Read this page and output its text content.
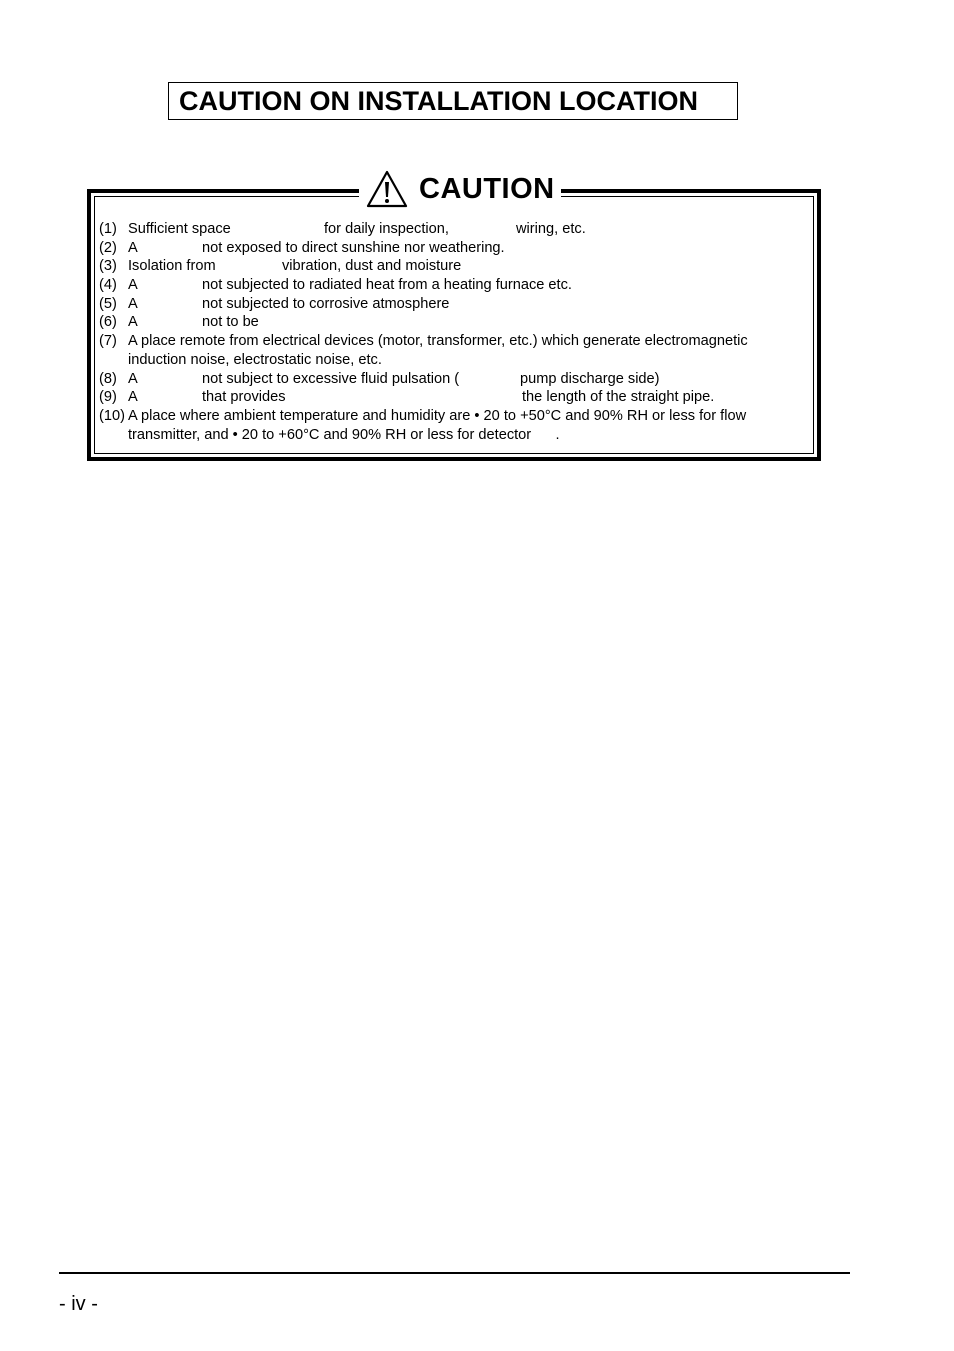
CAUTION ON INSTALLATION LOCATION
CAUTION
(1) Sufficient space	for daily inspection,	wiring, etc.
(2) A	not exposed to direct sunshine nor weathering.
(3) Isolation from	vibration, dust and moisture
(4) A	not subjected to radiated heat from a heating furnace etc.
(5) A	not subjected to corrosive atmosphere
(6) A	not to be
(7) A place remote from electrical devices (motor, transformer, etc.) which generate electromagnetic
induction noise, electrostatic noise, etc.
(8) A	not subject to excessive fluid pulsation (	pump discharge side)
(9) A	that provides	the length of the straight pipe.
(10) A place where ambient temperature and humidity are • 20 to +50°C and 90% RH or less for flow
transmitter, and • 20 to +60°C and 90% RH or less for detector      .
- iv -
